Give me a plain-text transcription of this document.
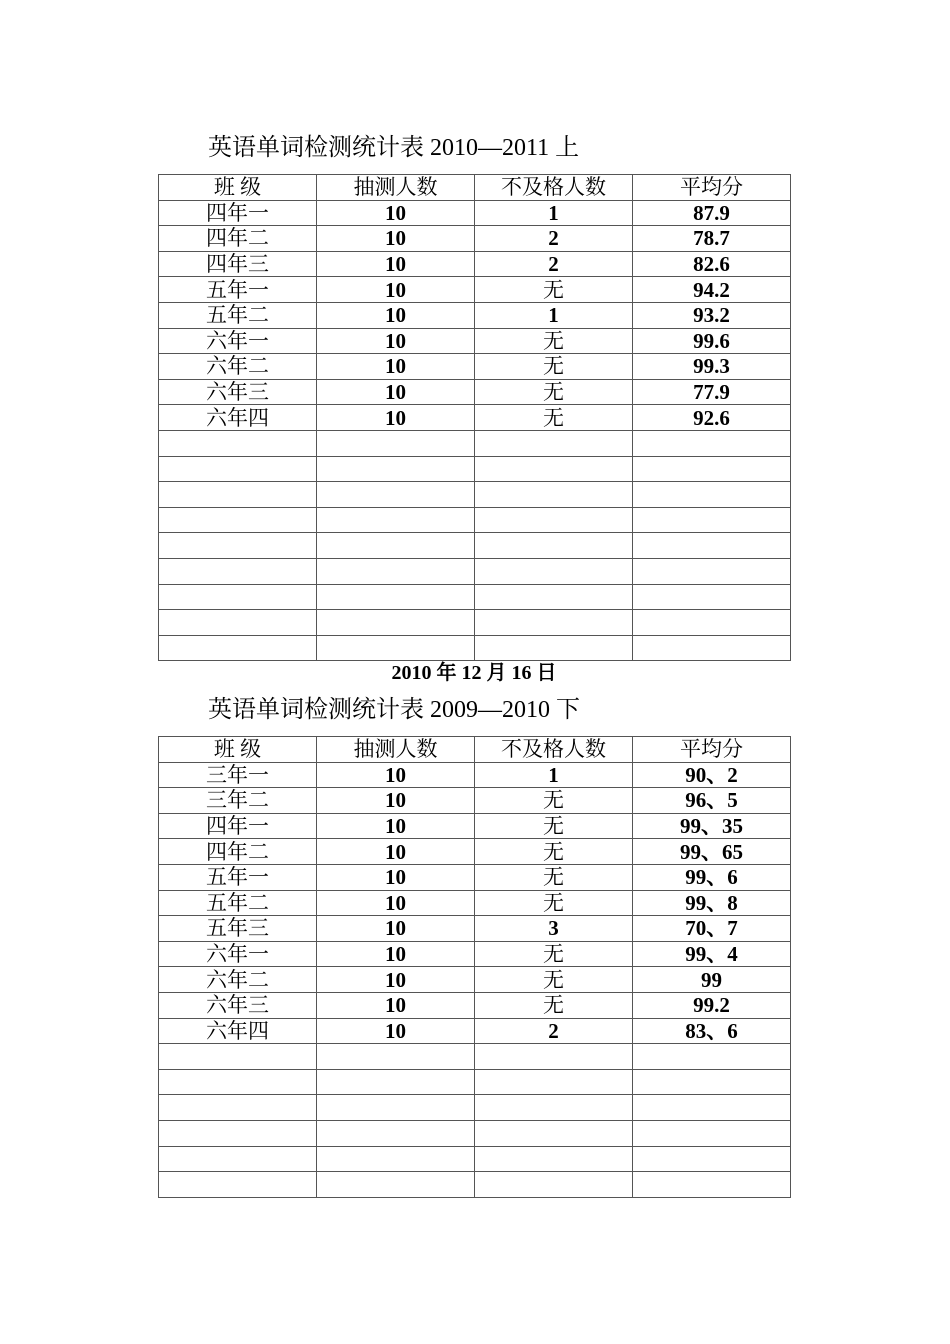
英语单词检测统计表 2010—2011 上
班 级	抽测人数	不及格人数	平均分
四年一	10	1	87.9
四年二	10	2	78.7
四年三	10	2	82.6
五年一	10	无	94.2
五年二	10	1	93.2
六年一	10	无	99.6
六年二	10	无	99.3
六年三	10	无	77.9
六年四	10	无	92.6

2010 年 12 月 16 日
英语单词检测统计表 2009—2010 下
班 级	抽测人数	不及格人数	平均分
三年一	10	1	90、2
三年二	10	无	96、5
四年一	10	无	99、35
四年二	10	无	99、65
五年一	10	无	99、6
五年二	10	无	99、8
五年三	10	3	70、7
六年一	10	无	99、4
六年二	10	无	99
六年三	10	无	99.2
六年四	10	2	83、6
